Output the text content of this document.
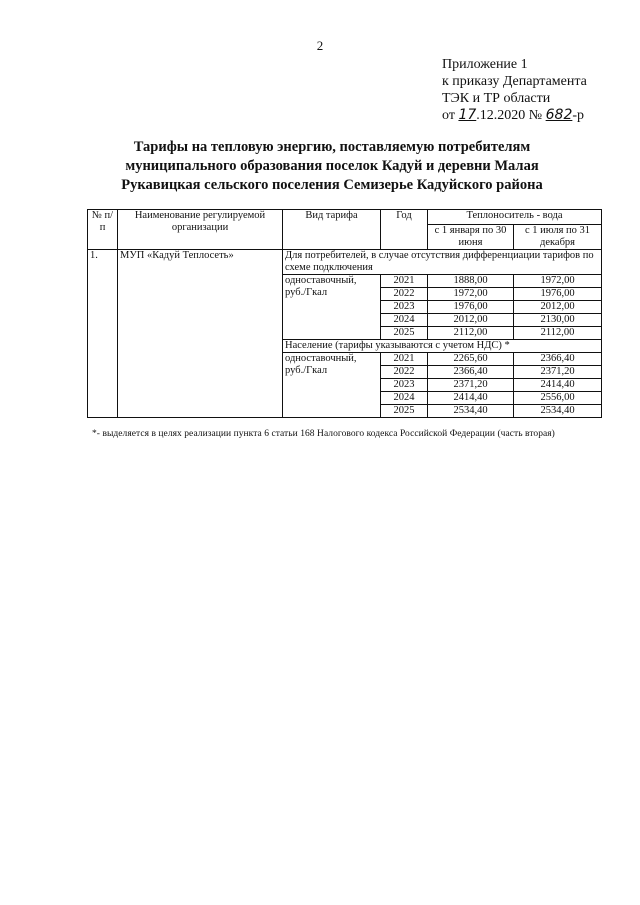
2
Приложение 1
к приказу Департамента
ТЭК и ТР области
от 17.12.2020 № 682-р
Тарифы на тепловую энергию, поставляемую потребителям
муниципального образования поселок Кадуй и деревни Малая
Рукавицкая сельского поселения Семизерье Кадуйского района
№ п/п	Наименование регулируемой организации	Вид тарифа	Год	Теплоноситель - вода	
				с 1 января по 30 июня	с 1 июля по 31 декабря
1.	МУП «Кадуй Теплосеть»	Для потребителей, в случае отсутствия дифференциации тарифов по схеме подключения			
		одноставочный, руб./Гкал	2021	1888,00	1972,00
			2022	1972,00	1976,00
			2023	1976,00	2012,00
			2024	2012,00	2130,00
			2025	2112,00	2112,00
		Население (тарифы указываются с учетом НДС) *			
		одноставочный, руб./Гкал	2021	2265,60	2366,40
			2022	2366,40	2371,20
			2023	2371,20	2414,40
			2024	2414,40	2556,00
			2025	2534,40	2534,40
*- выделяется в целях реализации пункта 6 статьи 168 Налогового кодекса Российской Федерации (часть вторая)
